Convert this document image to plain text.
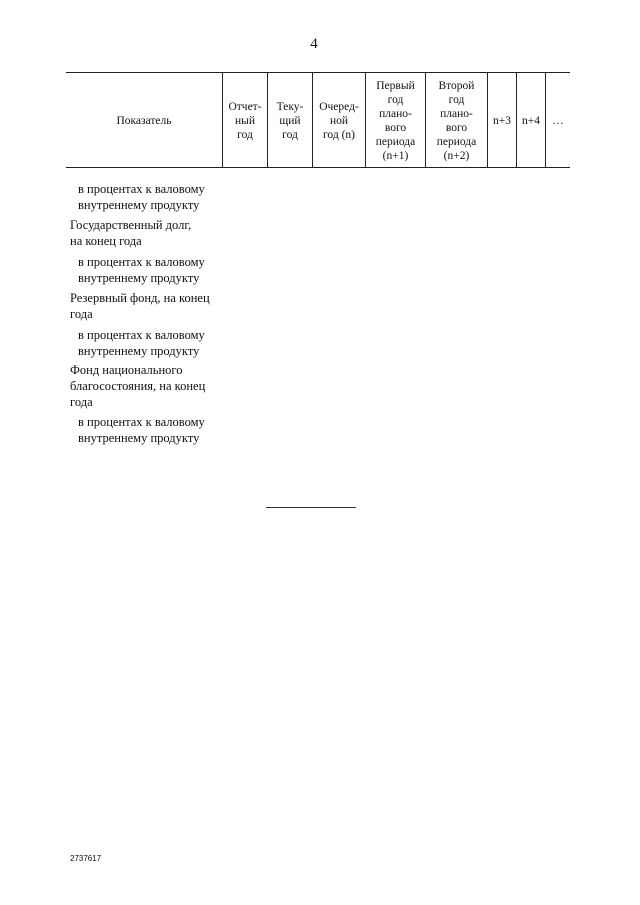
4
Показатель
Отчет-
ный
год
Теку-
щий
год
Очеред-
ной
год (n)
Первый
год
плано-
вого
периода
(n+1)
Второй
год
плано-
вого
периода
(n+2)
n+3 n+4	…
в процентах к валовому
внутреннему продукту
Государственный долг,
на конец года
в процентах к валовому
внутреннему продукту
Резервный фонд, на конец
года
в процентах к валовому
внутреннему продукту
Фонд национального
благосостояния, на конец
года
в процентах к валовому
внутреннему продукту
2737617
